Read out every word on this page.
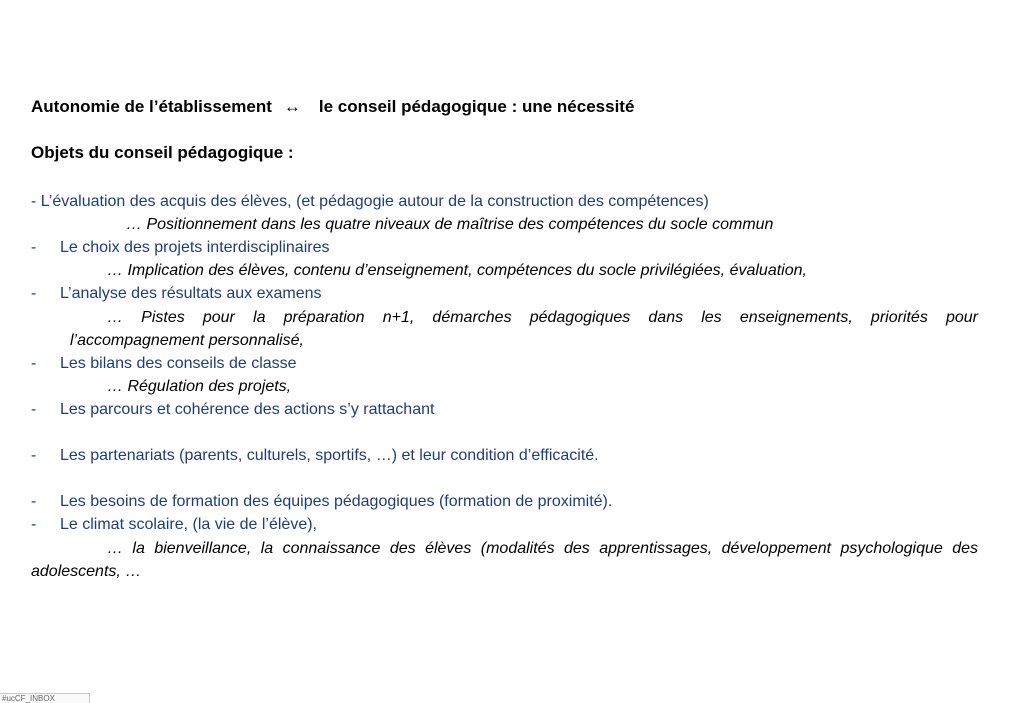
Autonomie de l’établissement ↔ le conseil pédagogique : une nécessité
Objets du conseil pédagogique :
- L’évaluation des acquis des élèves, (et pédagogie autour de la construction des compétences)
… Positionnement dans les quatre niveaux de maîtrise des compétences du socle commun
- Le choix des projets interdisciplinaires
… Implication des élèves, contenu d’enseignement, compétences du socle privilégiées, évaluation,
- L’analyse des résultats aux examens
… Pistes pour la préparation n+1, démarches pédagogiques dans les enseignements, priorités pour
l’accompagnement personnalisé,
- Les bilans des conseils de classe
… Régulation des projets,
- Les parcours et cohérence des actions s’y rattachant
- Les partenariats (parents, culturels, sportifs, …) et leur condition d’efficacité.
- Les besoins de formation des équipes pédagogiques (formation de proximité).
- Le climat scolaire, (la vie de l’élève),
… la bienveillance, la connaissance des élèves (modalités des apprentissages, développement psychologique des
adolescents, …
#ucCF_INBOX
